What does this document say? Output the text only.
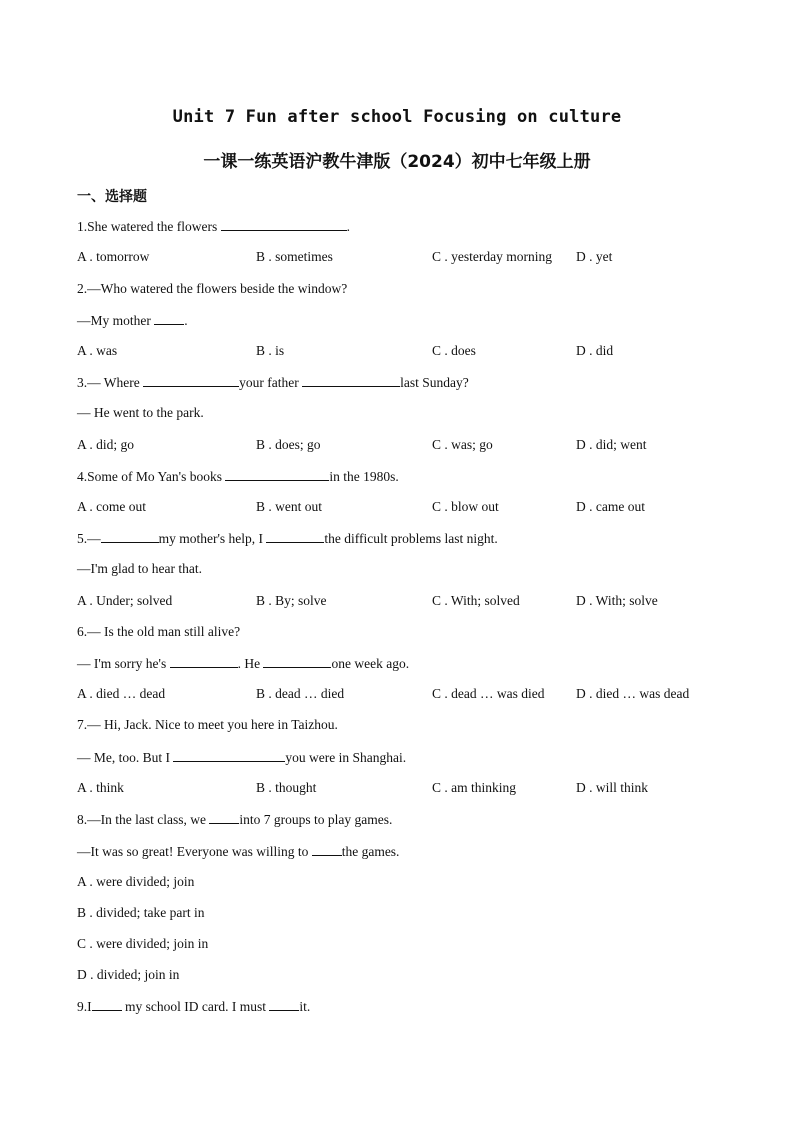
Unit 7 Fun after school Focusing on culture
一课一练英语沪教牛津版（2024）初中七年级上册
一、选择题
1.She watered the flowers	.
A . tomorrow	B . sometimes	C . yesterday morning D . yet
2.—Who watered the flowers beside the window?
—My mother .
A . was	B . is	C . does	D . did
3.— Where	your father	last Sunday?
— He went to the park.
A . did; go	B . does; go	C . was; go	D . did; went
4.Some of Mo Yan's books	in the 1980s.
A . come out	B . went out	C . blow out	D . came out
5.—	my mother's help, I	the difficult problems last night.
—I'm glad to hear that.
A . Under; solved	B . By; solve	C . With; solved	D . With; solve
6.— Is the old man still alive?
— I'm sorry he's	. He	one week ago.
A . died … dead	B . dead … died	C . dead … was died D . died … was dead
7.— Hi, Jack. Nice to meet you here in Taizhou.
— Me, too. But I	you were in Shanghai.
A . think	B . thought	C . am thinking	D . will think
8.—In the last class, we into 7 groups to play games.
—It was so great! Everyone was willing to the games.
A . were divided; join
B . divided; take part in
C . were divided; join in
D . divided; join in
9.I my school ID card. I must it.
